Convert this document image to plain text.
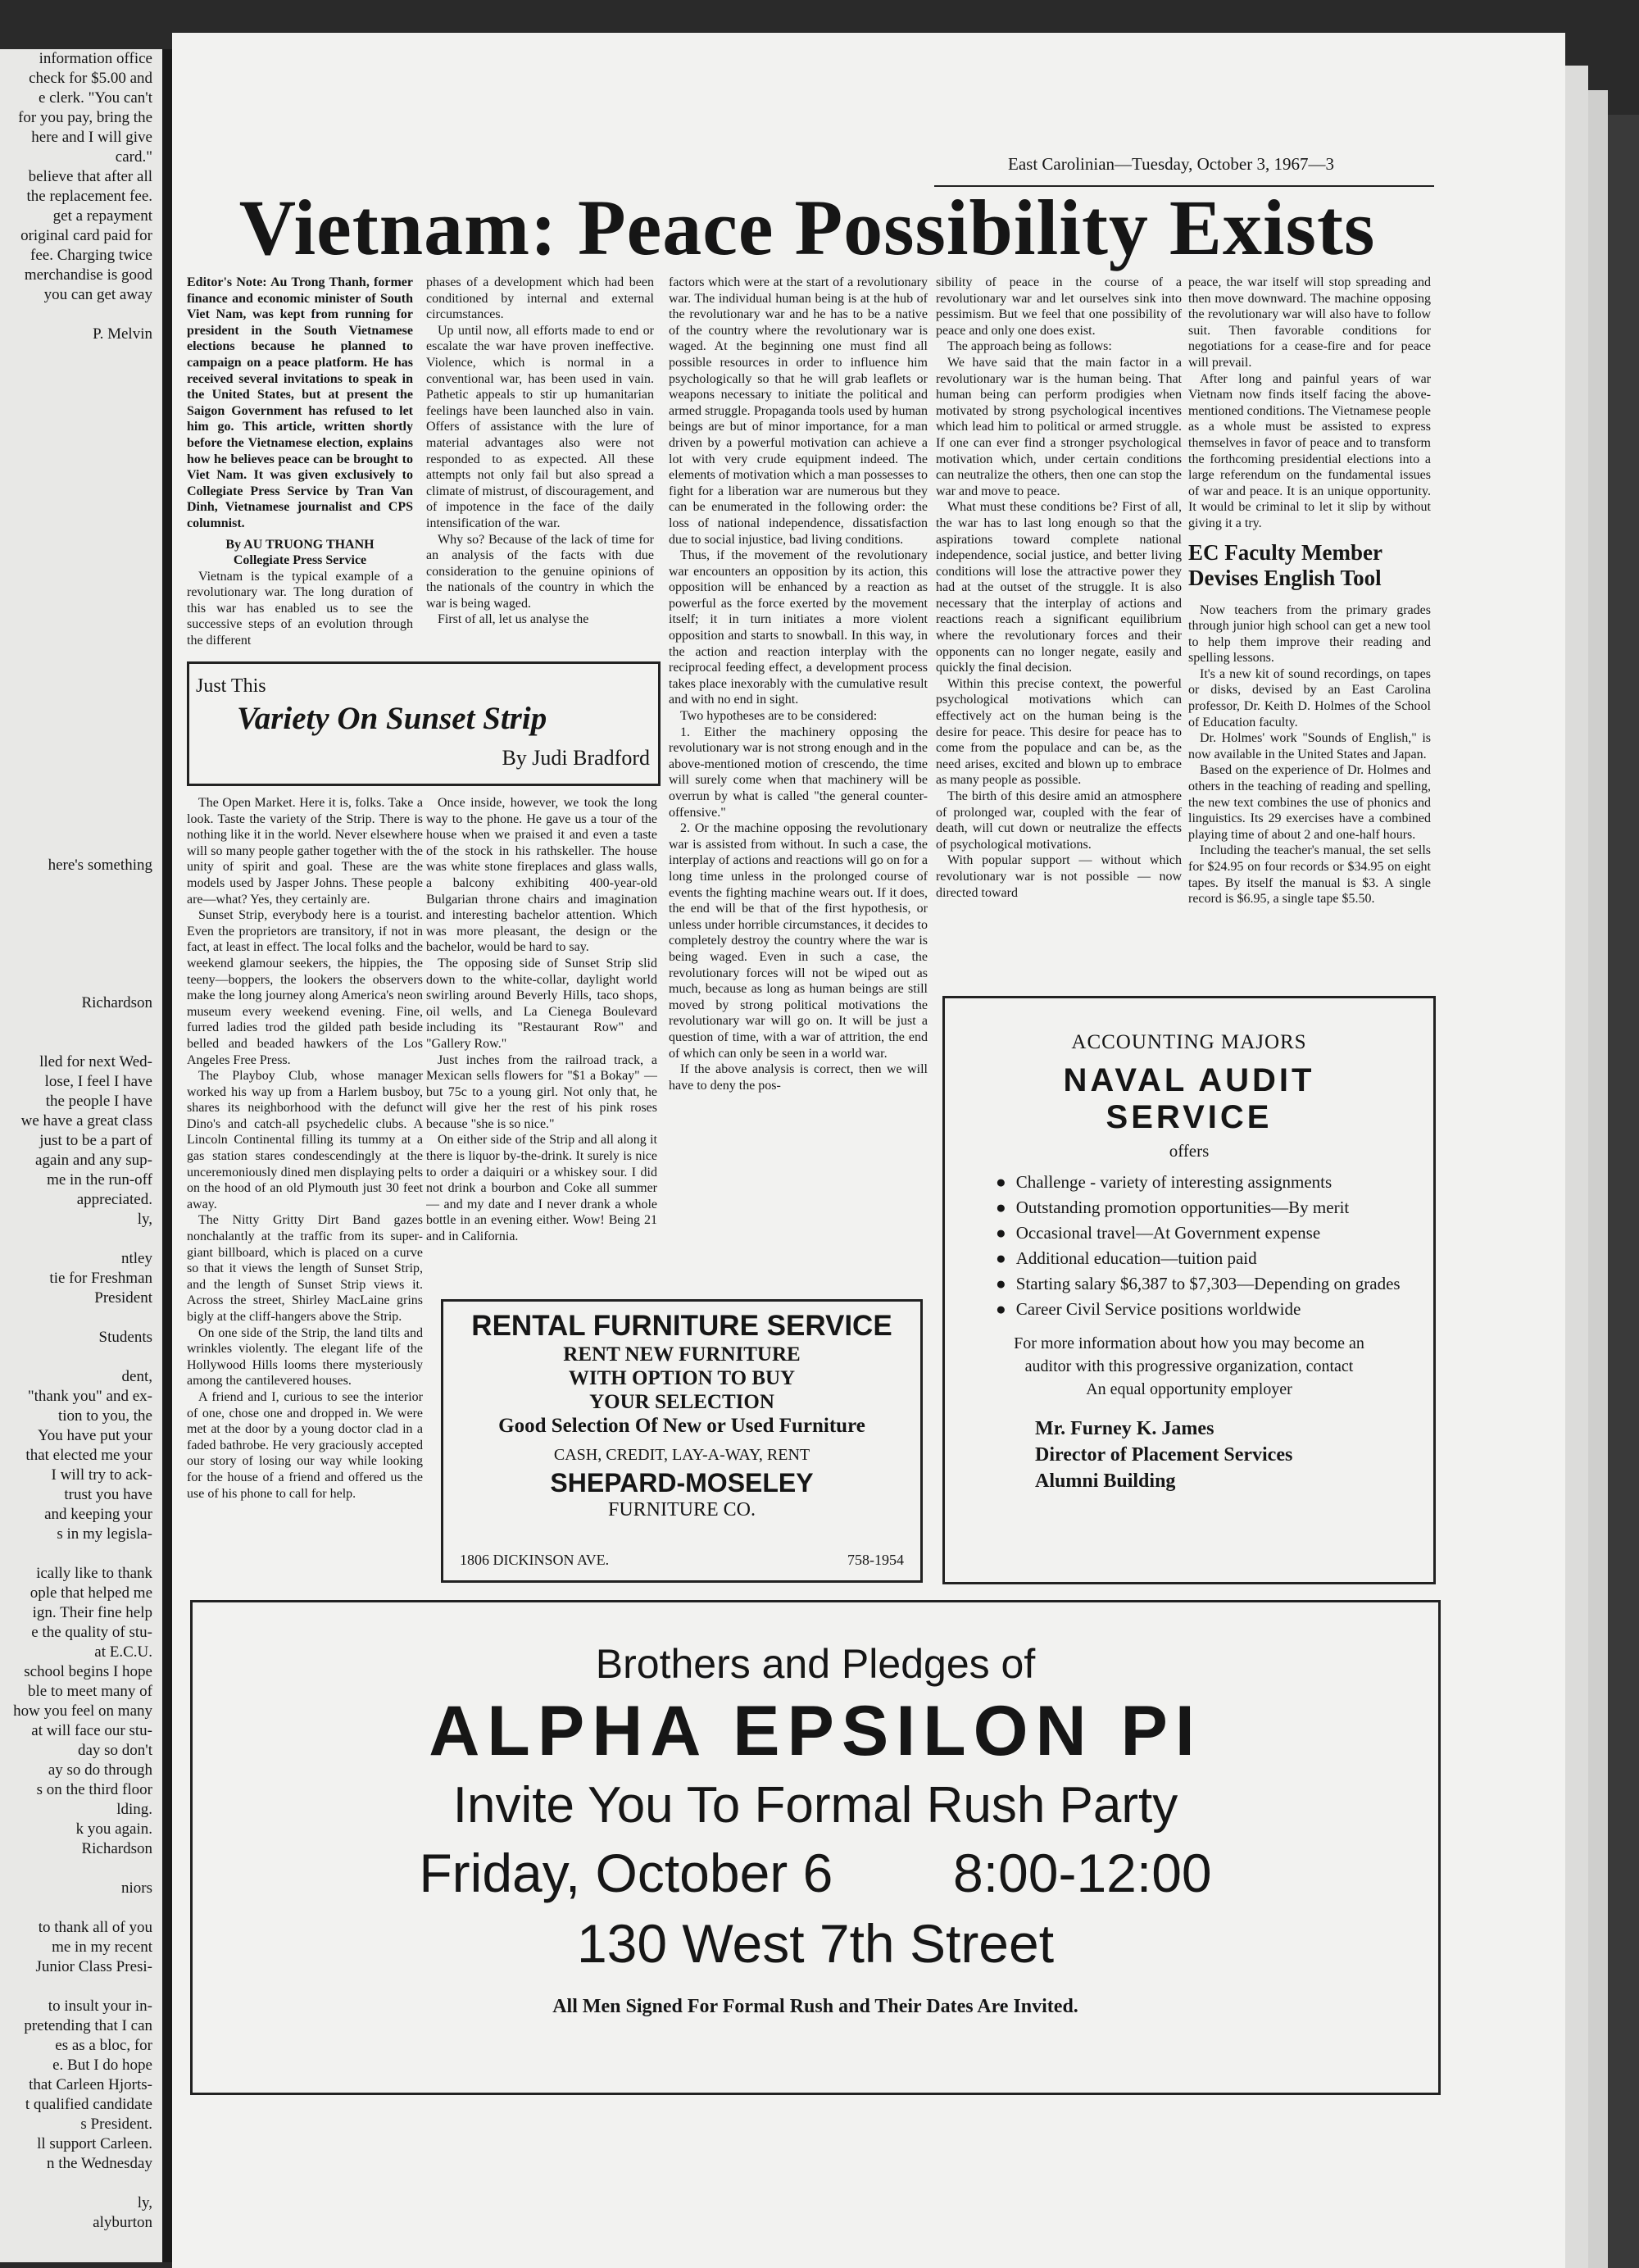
information office

check for $5.00 and

e clerk. "You can't

for you pay, bring the

here and I will give

card."

believe that after all

the replacement fee.

get a repayment

original card paid for

fee. Charging twice

merchandise is good

you can get away

P. Melvin

here's something

Richardson

lled for next Wed-

lose, I feel I have

the people I have

we have a great class

just to be a part of

again and any sup-

me in the run-off

appreciated.

ly,

ntley

tie for Freshman

President

Students

dent,

"thank you" and ex-

tion to you, the

You have put your

that elected me your

I will try to ack-

trust you have

and keeping your

s in my legisla-

ically like to thank

ople that helped me

ign. Their fine help

e the quality of stu-

at E.C.U.

school begins I hope

ble to meet many of

how you feel on many

at will face our stu-

day so don't

ay so do through

s on the third floor

lding.

k you again.

Richardson

niors

to thank all of you

me in my recent

Junior Class Presi-

to insult your in-

pretending that I can

es as a bloc, for

e. But I do hope

that Carleen Hjorts-

t qualified candidate

s President.

ll support Carleen.

n the Wednesday

ly,

alyburton

East Carolinian—Tuesday, October 3, 1967—3
Vietnam: Peace Possibility Exists

Editor's Note: Au Trong Thanh, former finance and economic minister of South Viet Nam, was kept from running for president in the South Vietnamese elections because he planned to campaign on a peace platform. He has received several invitations to speak in the United States, but at present the Saigon Government has refused to let him go. This article, written shortly before the Vietnamese election, explains how he believes peace can be brought to Viet Nam. It was given exclusively to Collegiate Press Service by Tran Van Dinh, Vietnamese journalist and CPS columnist.

By AU TRUONG THANH

Collegiate Press Service

Vietnam is the typical example of a revolutionary war. The long duration of this war has enabled us to see the successive steps of an evolution through the different

phases of a development which had been conditioned by internal and external circumstances.

Up until now, all efforts made to end or escalate the war have proven ineffective. Violence, which is normal in a conventional war, has been used in vain. Pathetic appeals to stir up humanitarian feelings have been launched also in vain. Offers of assistance with the lure of material advantages also were not responded to as expected. All these attempts not only fail but also spread a climate of mistrust, of discouragement, and of impotence in the face of the daily intensification of the war.

Why so? Because of the lack of time for an analysis of the facts with due consideration to the genuine opinions of the nationals of the country in which the war is being waged.

First of all, let us analyse the

factors which were at the start of a revolutionary war. The individual human being is at the hub of the revolutionary war and he has to be a native of the country where the revolutionary war is waged. At the beginning one must find all possible resources in order to influence him psychologically so that he will grab leaflets or weapons necessary to initiate the political and armed struggle. Propaganda tools used by human beings are but of minor importance, for a man driven by a powerful motivation can achieve a lot with very crude equipment indeed. The elements of motivation which a man possesses to fight for a liberation war are numerous but they can be enumerated in the following order: the loss of national independence, dissatisfaction due to social injustice, bad living conditions.

Thus, if the movement of the revolutionary war encounters an opposition by its action, this opposition will be enhanced by a reaction as powerful as the force exerted by the movement itself; it in turn initiates a more violent opposition and starts to snowball. In this way, in the action and reaction interplay with the reciprocal feeding effect, a development process takes place inexorably with the cumulative result and with no end in sight.

Two hypotheses are to be considered:

1. Either the machinery opposing the revolutionary war is not strong enough and in the above-mentioned motion of crescendo, the time will surely come when that machinery will be overrun by what is called "the general counter-offensive."

2. Or the machine opposing the revolutionary war is assisted from without. In such a case, the interplay of actions and reactions will go on for a long time unless in the prolonged course of events the fighting machine wears out. If it does, the end will be that of the first hypothesis, or unless under horrible circumstances, it decides to completely destroy the country where the war is being waged. Even in such a case, the revolutionary forces will not be wiped out as much, because as long as human beings are still moved by strong political motivations the revolutionary war will go on. It will be just a question of time, with a war of attrition, the end of which can only be seen in a world war.

If the above analysis is correct, then we will have to deny the pos-

sibility of peace in the course of a revolutionary war and let ourselves sink into pessimism. But we feel that one possibility of peace and only one does exist.

The approach being as follows:

We have said that the main factor in a revolutionary war is the human being. That human being can perform prodigies when motivated by strong psychological incentives which lead him to political or armed struggle. If one can ever find a stronger psychological motivation which, under certain conditions can neutralize the others, then one can stop the war and move to peace.

What must these conditions be? First of all, the war has to last long enough so that the aspirations toward complete national independence, social justice, and better living conditions will lose the attractive power they had at the outset of the struggle. It is also necessary that the interplay of actions and reactions reach a significant equilibrium where the revolutionary forces and their opponents can no longer negate, easily and quickly the final decision.

Within this precise context, the powerful psychological motivations which can effectively act on the human being is the desire for peace. This desire for peace has to come from the populace and can be, as the need arises, excited and blown up to embrace as many people as possible.

The birth of this desire amid an atmosphere of prolonged war, coupled with the fear of death, will cut down or neutralize the effects of psychological motivations.

With popular support — without which revolutionary war is not possible — now directed toward

peace, the war itself will stop spreading and then move downward. The machine opposing the revolutionary war will also have to follow suit. Then favorable conditions for negotiations for a cease-fire and for peace will prevail.

After long and painful years of war Vietnam now finds itself facing the above-mentioned conditions. The Vietnamese people as a whole must be assisted to express themselves in favor of peace and to transform the forthcoming presidential elections into a large referendum on the fundamental issues of war and peace. It is an unique opportunity. It would be criminal to let it slip by without giving it a try.

EC Faculty Member Devises English Tool

Now teachers from the primary grades through junior high school can get a new tool to help them improve their reading and spelling lessons.

It's a new kit of sound recordings, on tapes or disks, devised by an East Carolina professor, Dr. Keith D. Holmes of the School of Education faculty.

Dr. Holmes' work "Sounds of English," is now available in the United States and Japan.

Based on the experience of Dr. Holmes and others in the teaching of reading and spelling, the new text combines the use of phonics and linguistics. Its 29 exercises have a combined playing time of about 2 and one-half hours.

Including the teacher's manual, the set sells for $24.95 on four records or $34.95 on eight tapes. By itself the manual is $3. A single record is $6.95, a single tape $5.50.

Just This
Variety On Sunset Strip
By Judi Bradford

The Open Market. Here it is, folks. Take a look. Taste the variety of the Strip. There is nothing like it in the world. Never elsewhere will so many people gather together with the unity of spirit and goal. These are the models used by Jasper Johns. These people are—what? Yes, they certainly are.

Sunset Strip, everybody here is a tourist. Even the proprietors are transitory, if not in fact, at least in effect. The local folks and the weekend glamour seekers, the hippies, the teeny—boppers, the lookers the observers make the long journey along America's neon museum every weekend evening. Fine, furred ladies trod the gilded path beside belled and beaded hawkers of the Los Angeles Free Press.

The Playboy Club, whose manager worked his way up from a Harlem busboy, shares its neighborhood with the defunct Dino's and catch-all psychedelic clubs. A Lincoln Continental filling its tummy at a gas station stares condescendingly at the unceremoniously dined men displaying pelts on the hood of an old Plymouth just 30 feet away.

The Nitty Gritty Dirt Band gazes nonchalantly at the traffic from its super-giant billboard, which is placed on a curve so that it views the length of Sunset Strip, and the length of Sunset Strip views it. Across the street, Shirley MacLaine grins bigly at the cliff-hangers above the Strip.

On one side of the Strip, the land tilts and wrinkles violently. The elegant life of the Hollywood Hills looms there mysteriously among the cantilevered houses.

A friend and I, curious to see the interior of one, chose one and dropped in. We were met at the door by a young doctor clad in a faded bathrobe. He very graciously accepted our story of losing our way while looking for the house of a friend and offered us the use of his phone to call for help.

Once inside, however, we took the long way to the phone. He gave us a tour of the house when we praised it and even a taste of the stock in his rathskeller. The house was white stone fireplaces and glass walls, a balcony exhibiting 400-year-old Bulgarian throne chairs and imagination and interesting bachelor attention. Which was more pleasant, the design or the bachelor, would be hard to say.

The opposing side of Sunset Strip slid down to the white-collar, daylight world swirling around Beverly Hills, taco shops, oil wells, and La Cienega Boulevard including its "Restaurant Row" and "Gallery Row."

Just inches from the railroad track, a Mexican sells flowers for "$1 a Bokay" — but 75c to a young girl. Not only that, he will give her the rest of his pink roses because "she is so nice."

On either side of the Strip and all along it there is liquor by-the-drink. It surely is nice to order a daiquiri or a whiskey sour. I did not drink a bourbon and Coke all summer — and my date and I never drank a whole bottle in an evening either. Wow! Being 21 and in California.

RENTAL FURNITURE SERVICE

RENT NEW FURNITURE

WITH OPTION TO BUY

YOUR SELECTION

Good Selection Of New or Used Furniture

CASH, CREDIT, LAY-A-WAY, RENT

SHEPARD-MOSELEY

FURNITURE CO.

1806 DICKINSON AVE.	758-1954

ACCOUNTING MAJORS

NAVAL AUDIT

SERVICE

offers

● Challenge - variety of interesting assignments
● Outstanding promotion opportunities—By merit
● Occasional travel—At Government expense
● Additional education—tuition paid
● Starting salary $6,387 to $7,303—Depending on grades
● Career Civil Service positions worldwide

For more information about how you may become an

auditor with this progressive organization, contact

An equal opportunity employer

Mr. Furney K. James

Director of Placement Services

Alumni Building

Brothers and Pledges of

ALPHA EPSILON PI

Invite You To Formal Rush Party

Friday, October 6 8:00-12:00

130 West 7th Street

All Men Signed For Formal Rush and Their Dates Are Invited.
